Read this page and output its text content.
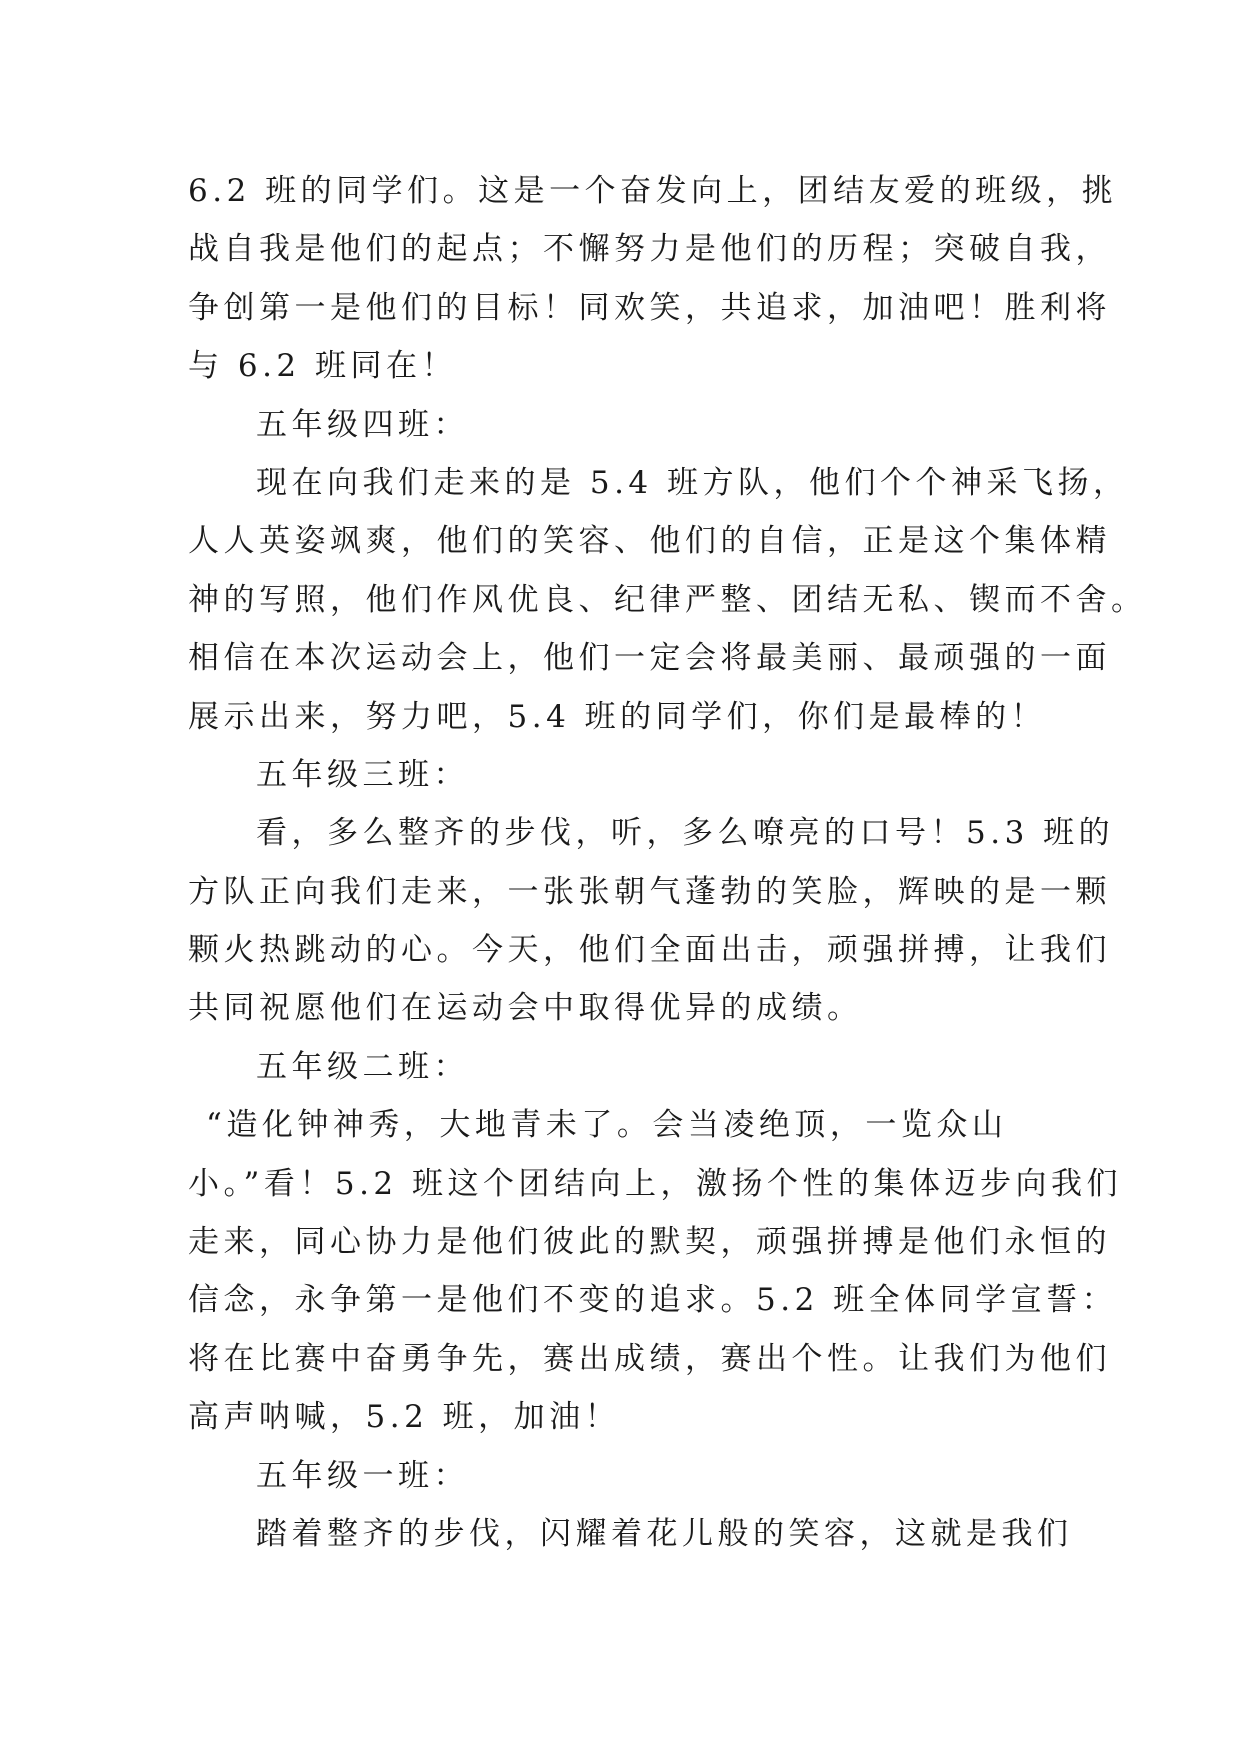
6.2 班的同学们。这是一个奋发向上，团结友爱的班级，挑
战自我是他们的起点；不懈努力是他们的历程；突破自我，
争创第一是他们的目标！同欢笑，共追求，加油吧！胜利将
与 6.2 班同在！
五年级四班：
现在向我们走来的是 5.4 班方队，他们个个神采飞扬，
人人英姿飒爽，他们的笑容、他们的自信，正是这个集体精
神的写照，他们作风优良、纪律严整、团结无私、锲而不舍。
相信在本次运动会上，他们一定会将最美丽、最顽强的一面
展示出来，努力吧，5.4 班的同学们，你们是最棒的！
五年级三班：
看，多么整齐的步伐，听，多么嘹亮的口号！5.3 班的
方队正向我们走来，一张张朝气蓬勃的笑脸，辉映的是一颗
颗火热跳动的心。今天，他们全面出击，顽强拼搏，让我们
共同祝愿他们在运动会中取得优异的成绩。
五年级二班：
“造化钟神秀，大地青未了。会当凌绝顶，一览众山
小。”看！5.2 班这个团结向上，激扬个性的集体迈步向我们
走来，同心协力是他们彼此的默契，顽强拼搏是他们永恒的
信念，永争第一是他们不变的追求。5.2 班全体同学宣誓：
将在比赛中奋勇争先，赛出成绩，赛出个性。让我们为他们
高声呐喊，5.2 班，加油！
五年级一班：
踏着整齐的步伐，闪耀着花儿般的笑容，这就是我们
